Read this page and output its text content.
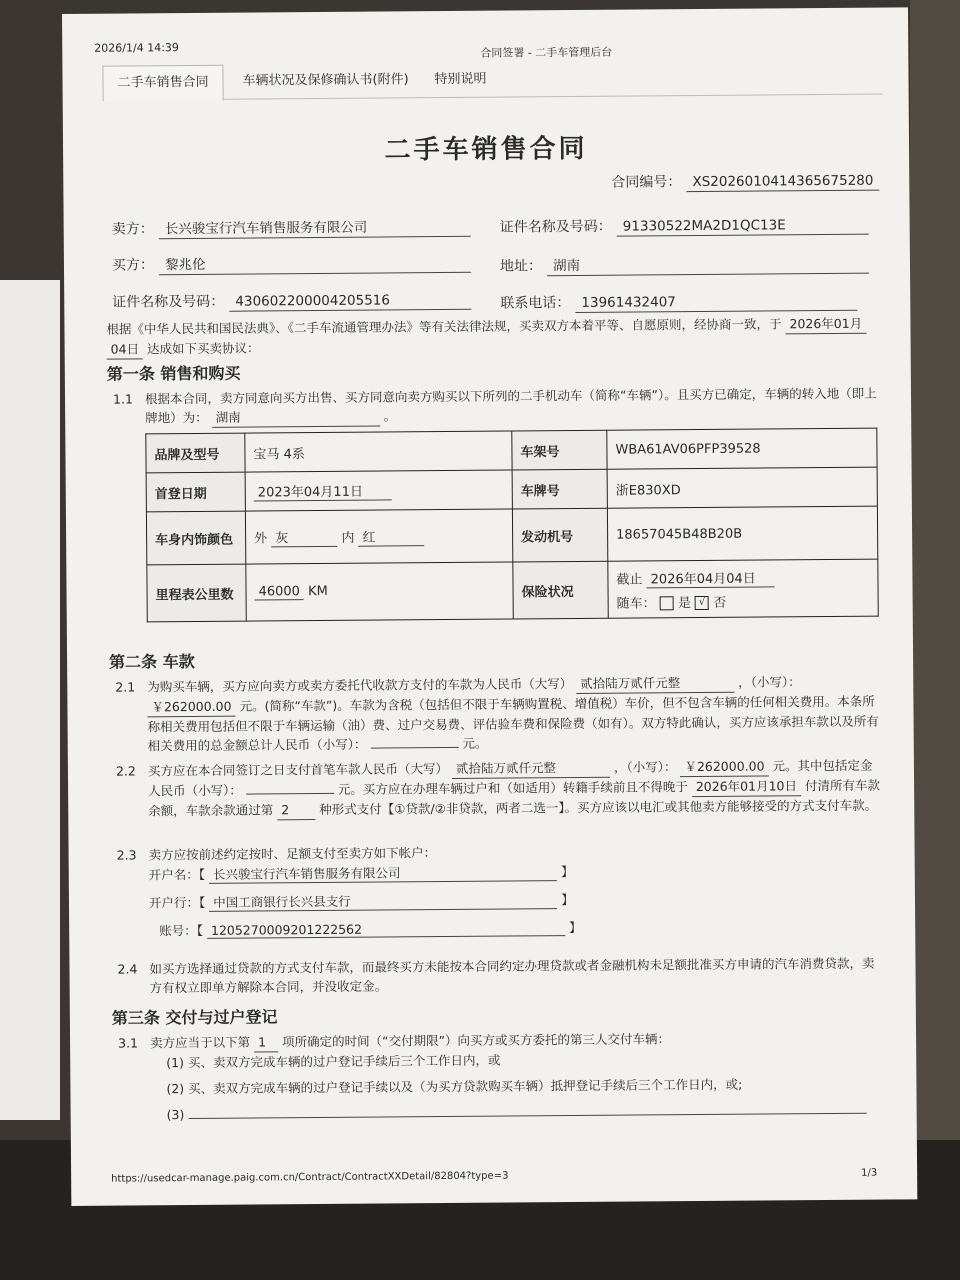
2026/1/4 14:39	合同签署 - 二手车管理后台
二手车销售合同	车辆状况及保修确认书(附件)	特别说明
二手车销售合同
合同编号： XS2026010414365675280
卖方： 长兴骏宝行汽车销售服务有限公司	证件名称及号码： 91330522MA2D1QC13E
买方： 黎兆伦	地址： 湖南
证件名称及号码： 430602200004205516	联系电话： 13961432407
根据《中华人民共和国民法典》、《二手车流通管理办法》等有关法律法规，买卖双方本着平等、自愿原则，经协商一致，于 2026年01月 04日 达成如下买卖协议：
第一条 销售和购买
1.1 根据本合同，卖方同意向买方出售、买方同意向卖方购买以下所列的二手机动车（简称“车辆”）。且买方已确定，车辆的转入地（即上牌地）为： 湖南	。
品牌及型号	宝马 4系	车架号	WBA61AV06PFP39528
首登日期	2023年04月11日	车牌号	浙E830XD
车身内饰颜色	外 灰 内 红	发动机号	18657045B48B20B
里程表公里数	46000 KM	保险状况	截止 2026年04月04日
随车： 是 √ 否
第二条 车款
2.1 为购买车辆，买方应向卖方或卖方委托代收款方支付的车款为人民币（大写） 贰拾陆万贰仟元整	，（小写）： ￥262000.00 元。(简称“车款”)。车款为含税（包括但不限于车辆购置税、增值税）车价，但不包含车辆的任何相关费用。本条所称相关费用包括但不限于车辆运输（油）费、过户交易费、评估验车费和保险费（如有）。双方特此确认，买方应该承担车款以及所有相关费用的总金额总计人民币（小写）：	元。
2.2 买方应在本合同签订之日支付首笔车款人民币（大写） 贰拾陆万贰仟元整	，（小写）： ￥262000.00 元。其中包括定金人民币（小写）：	元。买方应在办理车辆过户和（如适用）转籍手续前且不得晚于 2026年01月10日 付清所有车款余额，车款余款通过第 2 种形式支付【①贷款/②非贷款，两者二选一】。买方应该以电汇或其他卖方能够接受的方式支付车款。
2.3 卖方应按前述约定按时、足额支付至卖方如下帐户：
开户名：【 长兴骏宝行汽车销售服务有限公司	】
开户行：【 中国工商银行长兴县支行	】
账号：【 1205270009201222562	】
2.4 如买方选择通过贷款的方式支付车款，而最终买方未能按本合同约定办理贷款或者金融机构未足额批准买方申请的汽车消费贷款，卖方有权立即单方解除本合同，并没收定金。
第三条 交付与过户登记
3.1 卖方应当于以下第 1 项所确定的时间（“交付期限”）向买方或买方委托的第三人交付车辆：
(1) 买、卖双方完成车辆的过户登记手续后三个工作日内，或
(2) 买、卖双方完成车辆的过户登记手续以及（为买方贷款购买车辆）抵押登记手续后三个工作日内，或;
(3)
https://usedcar-manage.paig.com.cn/Contract/ContractXXDetail/82804?type=3	1/3
